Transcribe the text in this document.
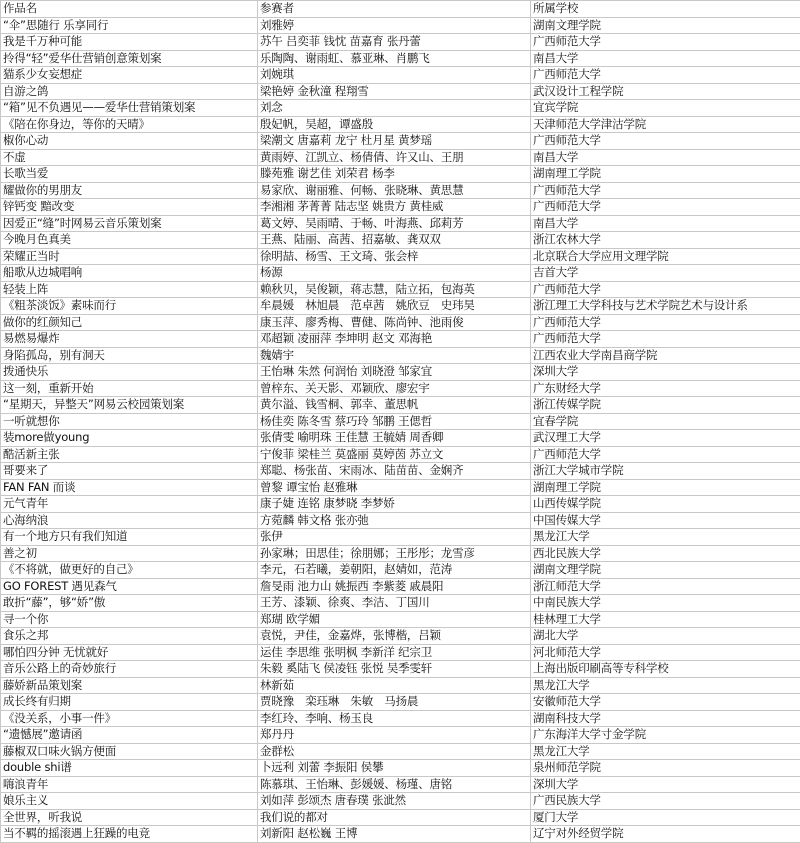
作品名	参赛者	所属学校
“伞”思随行 乐享同行	刘雅婷	湖南文理学院
我是千万种可能	苏午 吕奕菲 钱忱 苗嘉育 张丹蕾	广西师范大学
拎得“轻”爱华仕营销创意策划案	乐陶陶、谢雨虹、慕亚琳、肖鹏飞	南昌大学
猫系少女妄想症	刘婉琪	广西师范大学
自游之鸽	梁艳婷 金秋潼 程翔雪	武汉设计工程学院
“箱”见不负遇见——爱华仕营销策划案	刘念	宜宾学院
《陪在你身边，等你的天晴》	殷妃帆，吴超，谭盛殷	天津师范大学津沽学院
椒你心动	梁潮文 唐嘉莉 龙宁 杜月星 黄梦瑶	广西师范大学
不虚	黄雨婷、江凯立、杨倩倩、许又山、王朋	南昌大学
长歌当爱	滕苑雅 谢艺佳 刘荣君 杨李	湖南理工学院
耀做你的男朋友	易家欣、谢丽雅、何畅、张晓琳、黄思慧	广西师范大学
锌钙变 黯改变	李湘湘 茅菁菁 陆志坚 姚贵方 黄桂威	广西师范大学
因爱正“缝”时网易云音乐策划案	葛文婷、吴雨晴、于畅、叶海燕、邱莉芳	南昌大学
今晚月色真美	王燕、陆丽、高茜、招嘉敏、龚双双	浙江农林大学
荣耀正当时	徐明喆、杨雪、王文琦、张会梓	北京联合大学应用文理学院
船歌从边城唱响	杨源	吉首大学
轻装上阵	赖秋贝，吴俊颖，蒋志慧，陆立拓，包海英	广西师范大学
《粗茶淡饭》素味而行	牟晨媛　林旭晨　范卓茜　姚欣豆　史玮昊	浙江理工大学科技与艺术学院艺术与设计系
做你的红颜知己	康玉萍、廖秀梅、曹健、陈尚钟、池雨俊	广西师范大学
易燃易爆炸	邓超颖 凌丽萍 李坤明 赵文 邓海艳	广西师范大学
身陷孤岛，别有洞天	魏婧宇	江西农业大学南昌商学院
拨通快乐	王怡琳 朱然 何润怡 刘晓澄 邹家宜	深圳大学
这一刻，重新开始	曾梓东、关天影、邓颖欣、廖宏宇	广东财经大学
“星期天，异整天”网易云校园策划案	黄尔溢、钱雪桐、郭幸、董思帆	浙江传媒学院
一听就想你	杨佳奕 陈冬雪 蔡巧玲 邹鹏 王偲哲	宜春学院
装more做young	张倩雯 喻明珠 王佳慧 王毓婧 周香卿	武汉理工大学
酷活新主张	宁俊菲 梁桂兰 莫盛丽 莫婷茵 苏立文	广西师范大学
哥要来了	郑聪、杨张苗、宋雨冰、陆苗苗、金娴齐	浙江大学城市学院
FAN FAN 而谈	曾黎 谭宝怡 赵雅琳	湖南理工学院
元气青年	康子婕 连铭 康梦晓 李梦娇	山西传媒学院
心海纳浪	方菀麟 韩文格 张亦弛	中国传媒大学
有一个地方只有我们知道	张伊	黑龙江大学
善之初	孙家琳；田思佳；徐朋娜；王彤彤；龙雪彦	西北民族大学
《不将就，做更好的自己》	李元，石若曦，姜朝阳，赵婧如，范涛	湖南文理学院
GO FOREST 遇见森气	詹旻雨 池力山 姚振西 李紫菱 戚晨阳	浙江师范大学
敢折“藤”，够“娇”傲	王芳、漆颖、徐爽、李洁、丁国川	中南民族大学
寻一个你	郑瑚 欧学媚	桂林理工大学
食乐之邦	袁悦，尹佳，金嘉烨，张博楷，吕颖	湖北大学
哪怕四分钟 无忧就好	运佳 李思维 张明枫 李新洋 纪宗卫	河北师范大学
音乐公路上的奇妙旅行	朱毅 奚陆飞 侯凌钰 张悦 吴季雯轩	上海出版印刷高等专科学校
藤娇新品策划案	林新茹	黑龙江大学
成长终有归期	贾晓豫　栾珏琳　朱敏　马扬晨	安徽师范大学
《没关系，小事一件》	李红玲、李响、杨玉良	湖南科技大学
“遗憾展”邀请函	郑丹丹	广东海洋大学寸金学院
藤椒双口味火锅方便面	金群松	黑龙江大学
double shi谱	卜远利 刘蕾 李振阳 侯攀	泉州师范学院
嗨浪青年	陈慕琪、王怡琳、彭媛媛、杨瑾、唐铭	深圳大学
娘乐主义	刘如萍 彭颂杰 唐春璞 张泚然	广西民族大学
全世界，听我说	我们说的都对	厦门大学
当不羁的摇滚遇上狂躁的电竞	刘新阳 赵松巍 王博	辽宁对外经贸学院
